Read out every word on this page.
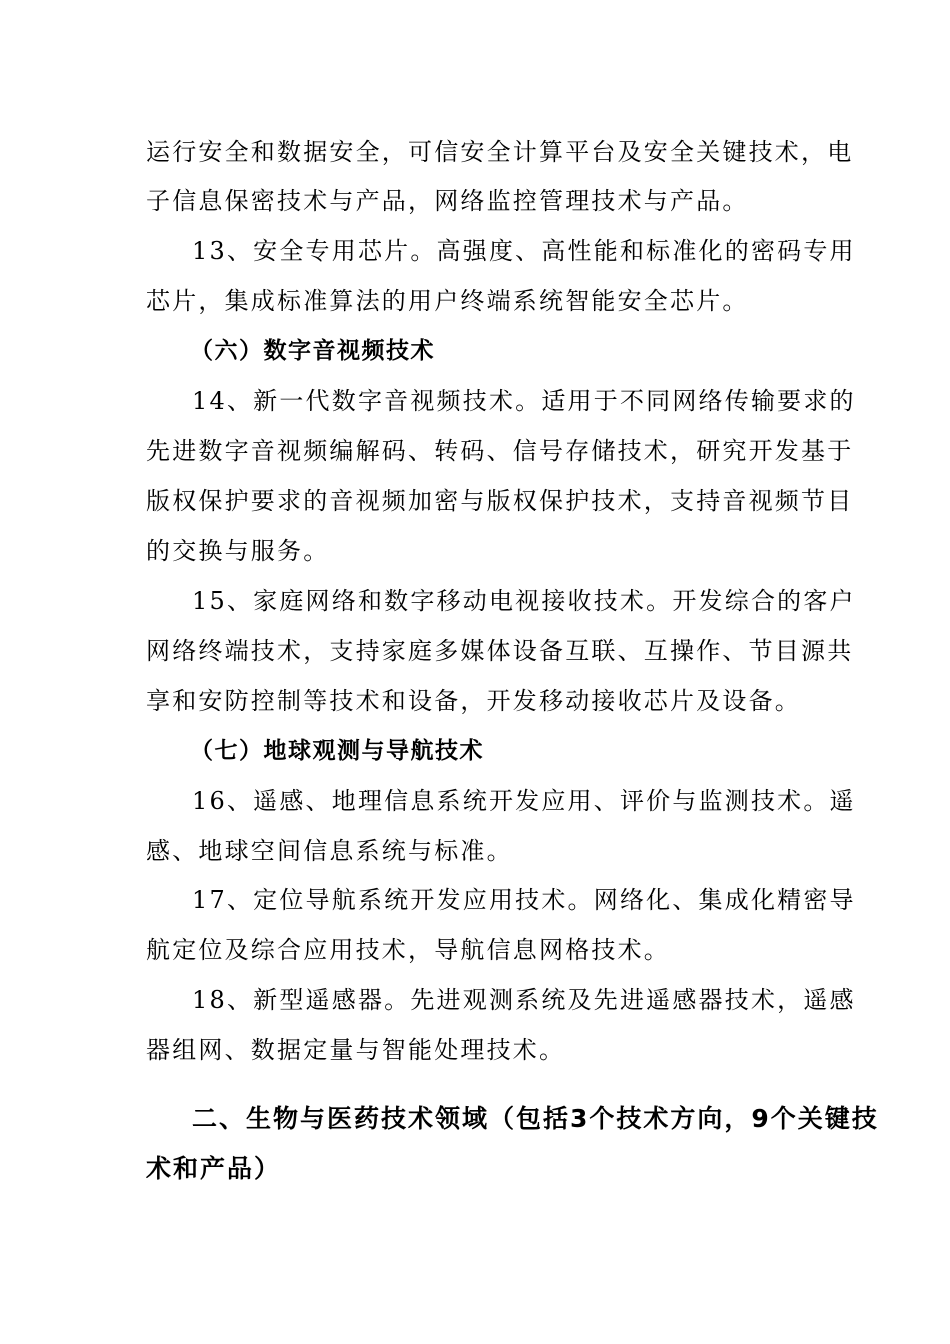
运行安全和数据安全，可信安全计算平台及安全关键技术，电
子信息保密技术与产品，网络监控管理技术与产品。
13、安全专用芯片。高强度、高性能和标准化的密码专用
芯片，集成标准算法的用户终端系统智能安全芯片。
（六）数字音视频技术
14、新一代数字音视频技术。适用于不同网络传输要求的
先进数字音视频编解码、转码、信号存储技术，研究开发基于
版权保护要求的音视频加密与版权保护技术，支持音视频节目
的交换与服务。
15、家庭网络和数字移动电视接收技术。开发综合的客户
网络终端技术，支持家庭多媒体设备互联、互操作、节目源共
享和安防控制等技术和设备，开发移动接收芯片及设备。
（七）地球观测与导航技术
16、遥感、地理信息系统开发应用、评价与监测技术。遥
感、地球空间信息系统与标准。
17、定位导航系统开发应用技术。网络化、集成化精密导
航定位及综合应用技术，导航信息网格技术。
18、新型遥感器。先进观测系统及先进遥感器技术，遥感
器组网、数据定量与智能处理技术。
二、生物与医药技术领域（包括3个技术方向，9个关键技
术和产品）
